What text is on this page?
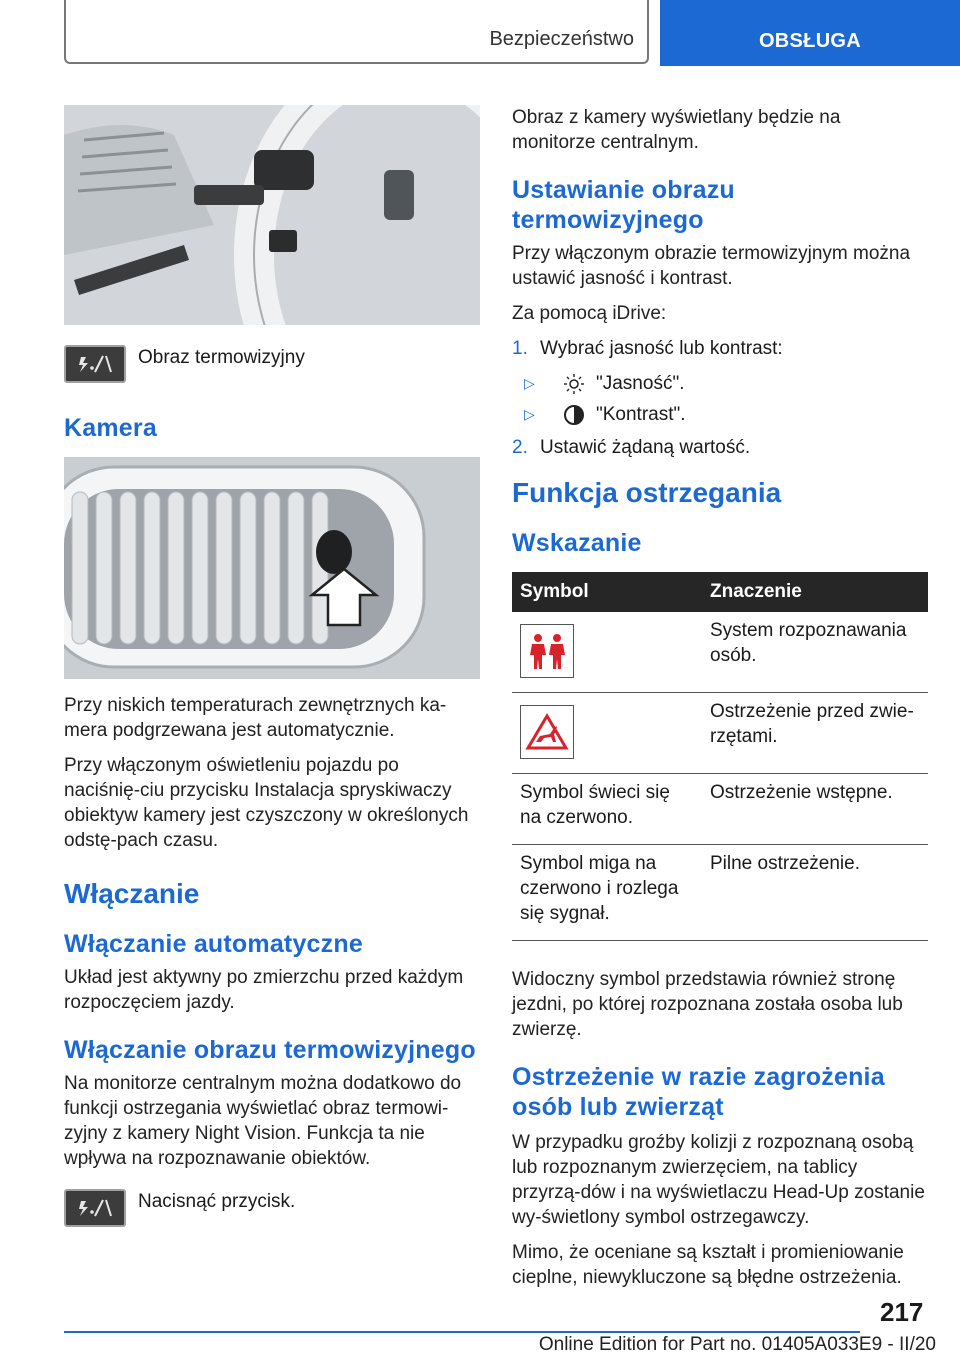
Bezpieczeństwo	OBSŁUGA
Obraz termowizyjny
Kamera

Przy niskich temperaturach zewnętrznych ka-mera podgrzewana jest automatycznie.

Przy włączonym oświetleniu pojazdu po naciśnię-ciu przycisku Instalacja spryskiwaczy obiektyw kamery jest czyszczony w określonych odstę-pach czasu.

Włączanie
Włączanie automatyczne

Układ jest aktywny po zmierzchu przed każdym rozpoczęciem jazdy.

Włączanie obrazu termowizyjnego

Na monitorze centralnym można dodatkowo do funkcji ostrzegania wyświetlać obraz termowi-zyjny z kamery Night Vision. Funkcja ta nie wpływa na rozpoznawanie obiektów.

Nacisnąć przycisk.

Obraz z kamery wyświetlany będzie na monitorze centralnym.

Ustawianie obrazu termowizyjnego

Przy włączonym obrazie termowizyjnym można ustawić jasność i kontrast.

Za pomocą iDrive:

1. Wybrać jasność lub kontrast:
▷	"Jasność".
▷	"Kontrast".
2. Ustawić żądaną wartość.
Funkcja ostrzegania
Wskazanie
Symbol	Znaczenie

	System rozpoznawania osób.

	Ostrzeżenie przed zwie-rzętami.
Symbol świeci się na czerwono.	Ostrzeżenie wstępne.
Symbol miga na czerwono i rozlega się sygnał.	Pilne ostrzeżenie.

Widoczny symbol przedstawia również stronę jezdni, po której rozpoznana została osoba lub zwierzę.

Ostrzeżenie w razie zagrożenia osób lub zwierząt

W przypadku groźby kolizji z rozpoznaną osobą lub rozpoznanym zwierzęciem, na tablicy przyrzą-dów i na wyświetlaczu Head-Up zostanie wy-świetlony symbol ostrzegawczy.

Mimo, że oceniane są kształt i promieniowanie cieplne, niewykluczone są błędne ostrzeżenia.

217
Online Edition for Part no. 01405A033E9 - II/20
